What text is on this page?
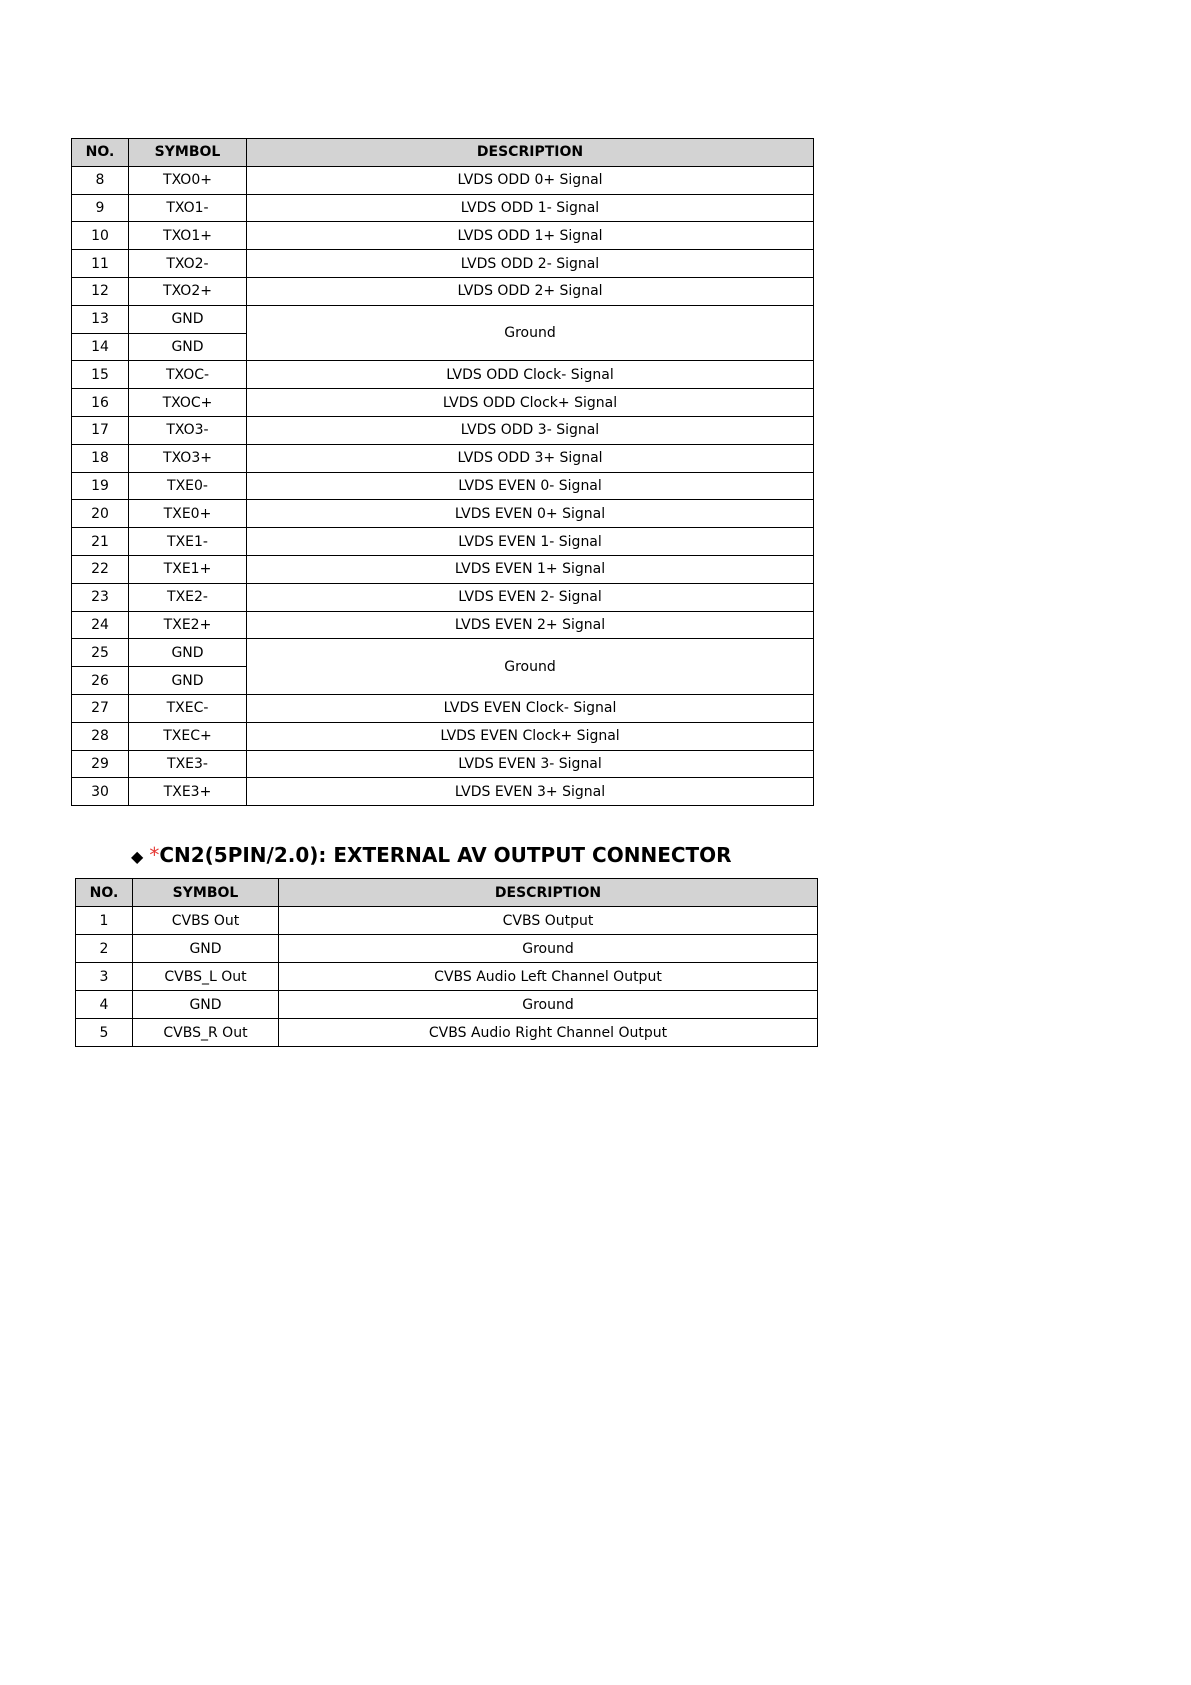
NO.	SYMBOL	DESCRIPTION
8	TXO0+	LVDS ODD 0+ Signal
9	TXO1-	LVDS ODD 1- Signal
10	TXO1+	LVDS ODD 1+ Signal
11	TXO2-	LVDS ODD 2- Signal
12	TXO2+	LVDS ODD 2+ Signal
13	GND	Ground
14	GND	
15	TXOC-	LVDS ODD Clock- Signal
16	TXOC+	LVDS ODD Clock+ Signal
17	TXO3-	LVDS ODD 3- Signal
18	TXO3+	LVDS ODD 3+ Signal
19	TXE0-	LVDS EVEN 0- Signal
20	TXE0+	LVDS EVEN 0+ Signal
21	TXE1-	LVDS EVEN 1- Signal
22	TXE1+	LVDS EVEN 1+ Signal
23	TXE2-	LVDS EVEN 2- Signal
24	TXE2+	LVDS EVEN 2+ Signal
25	GND	Ground
26	GND	
27	TXEC-	LVDS EVEN Clock- Signal
28	TXEC+	LVDS EVEN Clock+ Signal
29	TXE3-	LVDS EVEN 3- Signal
30	TXE3+	LVDS EVEN 3+ Signal
◆ *CN2(5PIN/2.0): EXTERNAL AV OUTPUT CONNECTOR
NO.	SYMBOL	DESCRIPTION
1	CVBS Out	CVBS Output
2	GND	Ground
3	CVBS_L Out	CVBS Audio Left Channel Output
4	GND	Ground
5	CVBS_R Out	CVBS Audio Right Channel Output
